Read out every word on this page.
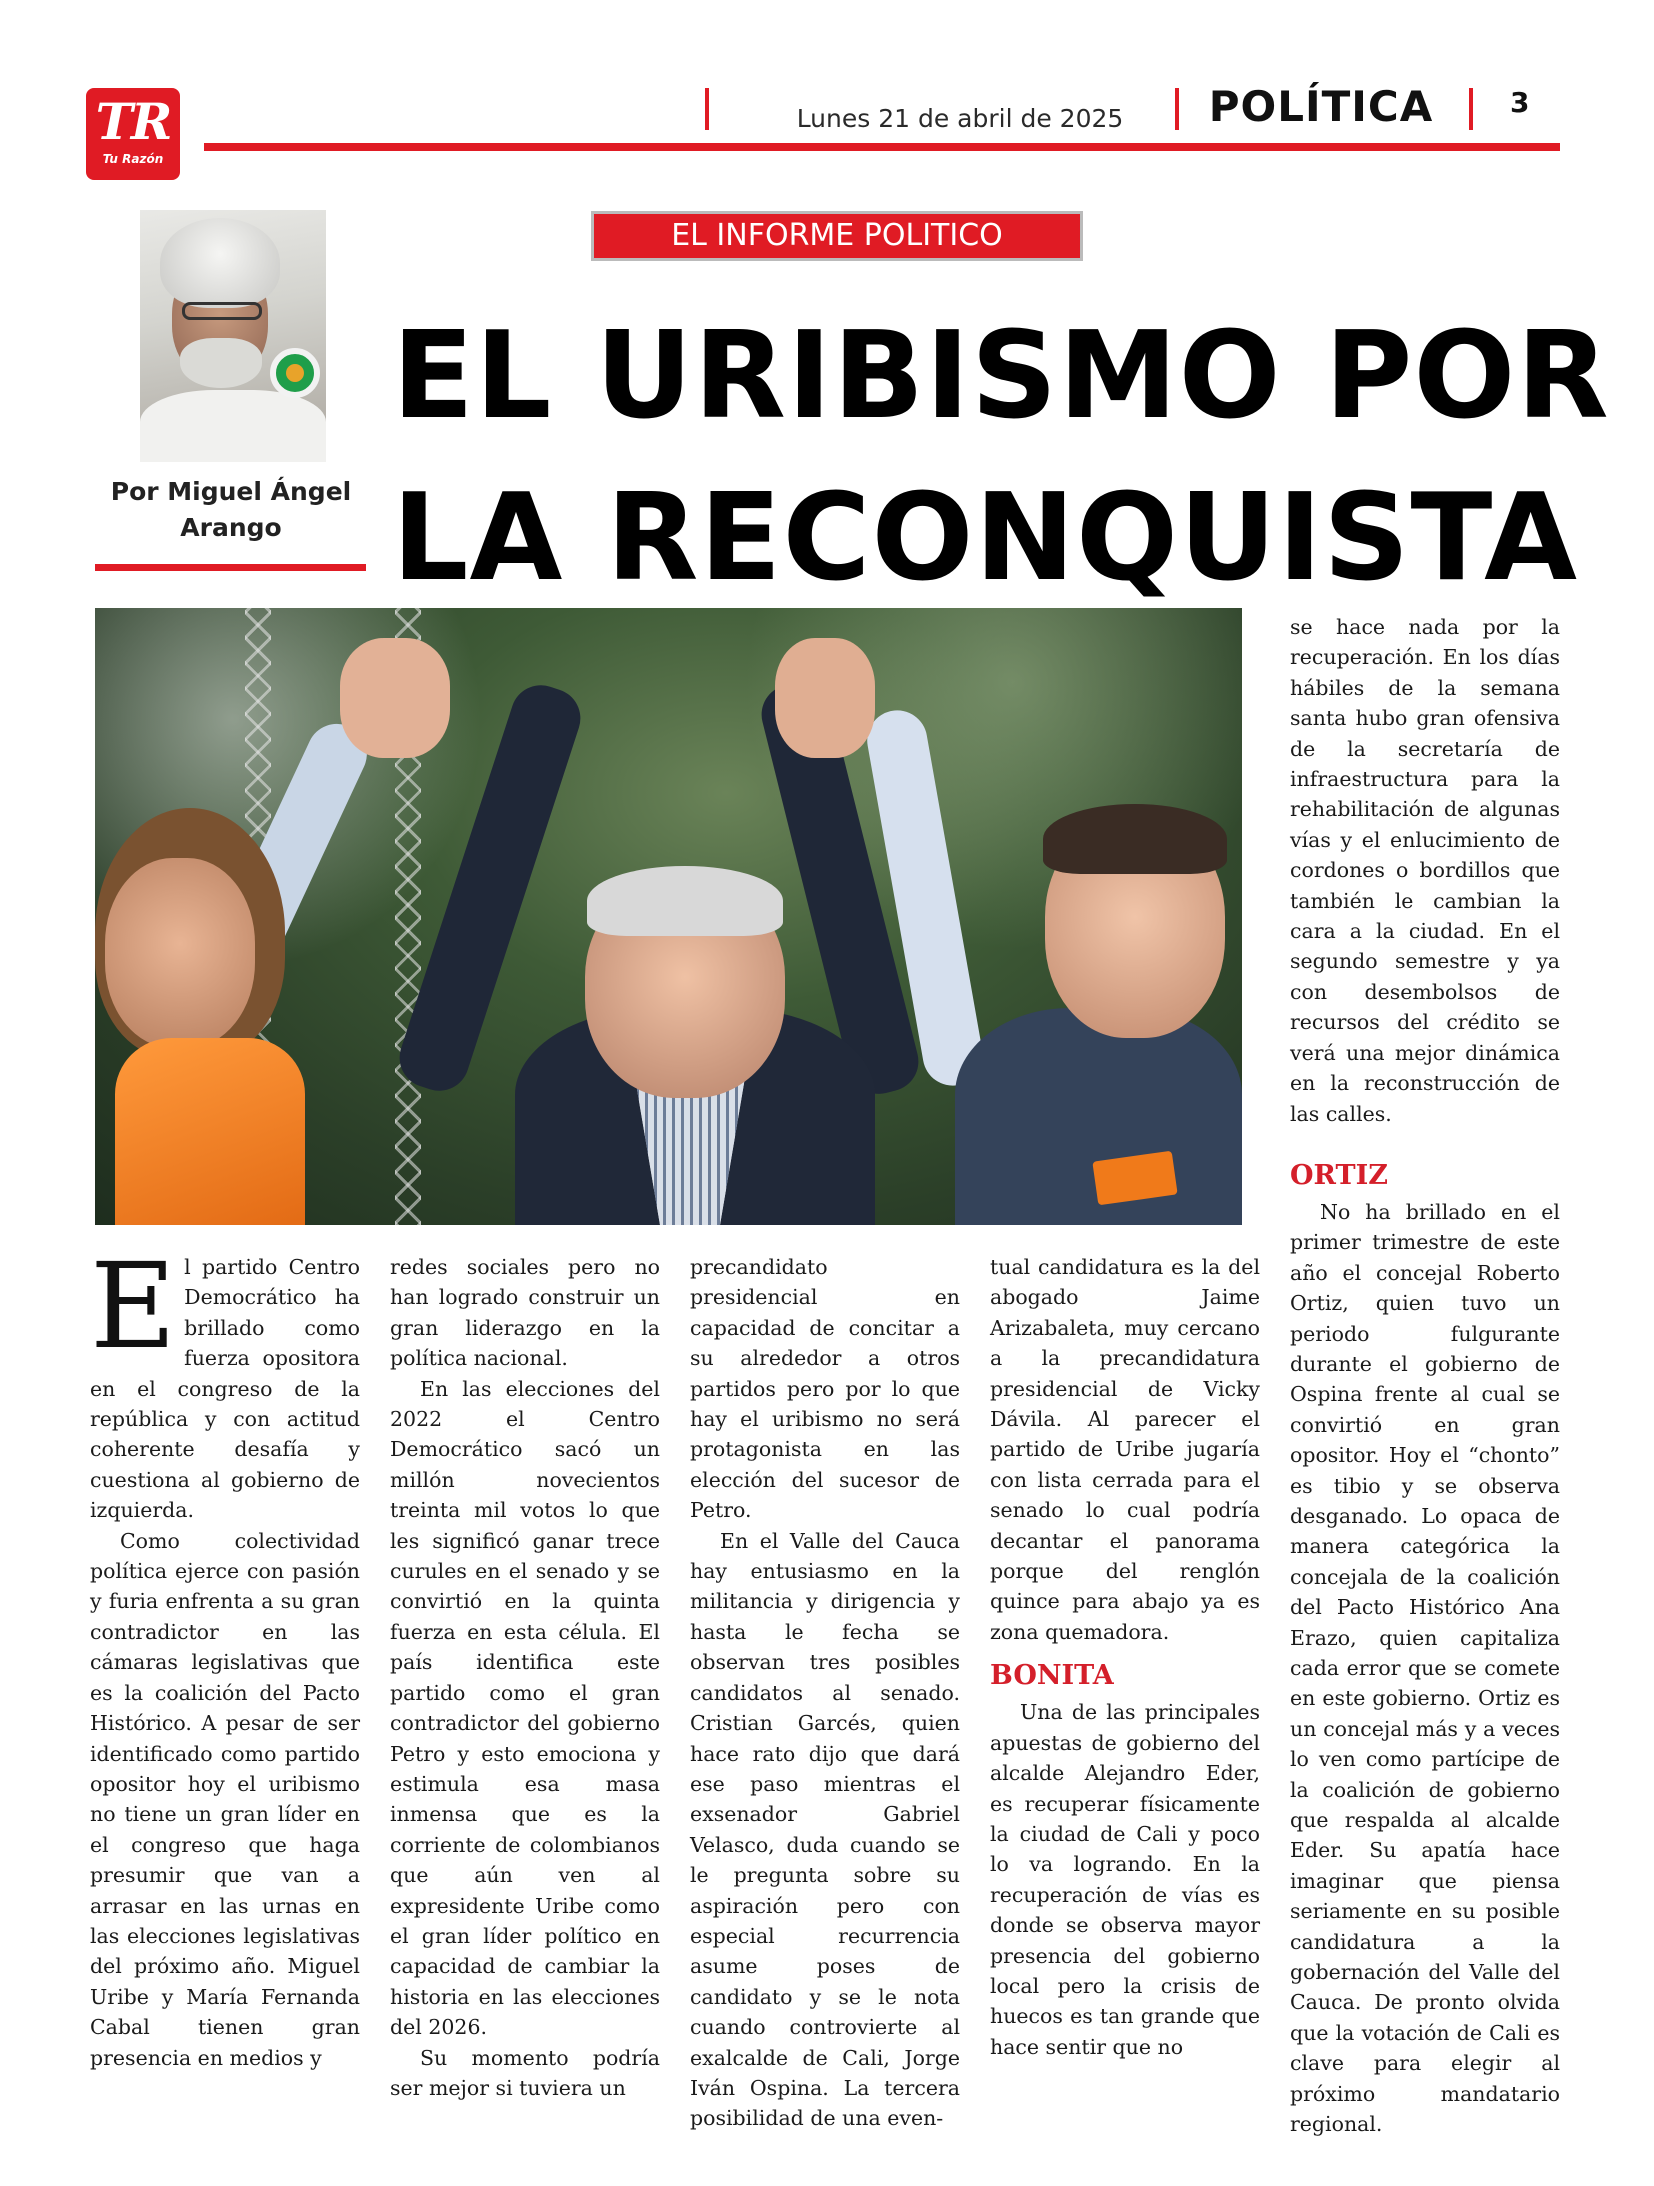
TR
Tu Razón
Lunes 21 de abril de 2025	POLÍTICA	3
Por Miguel Ángel
Arango
EL INFORME POLITICO
EL URIBISMO POR
LA RECONQUISTA
E l partido Centro Democrático ha brillado como fuerza opositora en el congreso de la república y con actitud coherente desafía y cuestiona al gobierno de izquierda.

Como colectividad política ejerce con pasión y furia enfrenta a su gran contradictor en las cámaras legislativas que es la coalición del Pacto Histórico. A pesar de ser identificado como partido opositor hoy el uribismo no tiene un gran líder en el congreso que haga presumir que van a arrasar en las urnas en las elecciones legislativas del próximo año. Miguel Uribe y María Fernanda Cabal tienen gran presencia en medios y

redes sociales pero no han logrado construir un gran liderazgo en la política nacional.

En las elecciones del 2022 el Centro Democrático sacó un millón novecientos treinta mil votos lo que les significó ganar trece curules en el senado y se convirtió en la quinta fuerza en esta célula. El país identifica este partido como el gran contradictor del gobierno Petro y esto emociona y estimula esa masa inmensa que es la corriente de colombianos que aún ven al expresidente Uribe como el gran líder político en capacidad de cambiar la historia en las elecciones del 2026.

Su momento podría ser mejor si tuviera un

precandidato presidencial en capacidad de concitar a su alrededor a otros partidos pero por lo que hay el uribismo no será protagonista en las elección del sucesor de Petro.

En el Valle del Cauca hay entusiasmo en la militancia y dirigencia y hasta le fecha se observan tres posibles candidatos al senado. Cristian Garcés, quien hace rato dijo que dará ese paso mientras el exsenador Gabriel Velasco, duda cuando se le pregunta sobre su aspiración pero con especial recurrencia asume poses de candidato y se le nota cuando controvierte al exalcalde de Cali, Jorge Iván Ospina. La tercera posibilidad de una even-

tual candidatura es la del abogado Jaime Arizabaleta, muy cercano a la precandidatura presidencial de Vicky Dávila. Al parecer el partido de Uribe jugaría con lista cerrada para el senado lo cual podría decantar el panorama porque del renglón quince para abajo ya es zona quemadora.

BONITA

Una de las principales apuestas de gobierno del alcalde Alejandro Eder, es recuperar físicamente la ciudad de Cali y poco lo va logrando. En la recuperación de vías es donde se observa mayor presencia del gobierno local pero la crisis de huecos es tan grande que hace sentir que no

se hace nada por la recuperación. En los días hábiles de la semana santa hubo gran ofensiva de la secretaría de infraestructura para la rehabilitación de algunas vías y el enlucimiento de cordones o bordillos que también le cambian la cara a la ciudad. En el segundo semestre y ya con desembolsos de recursos del crédito se verá una mejor dinámica en la reconstrucción de las calles.

ORTIZ

No ha brillado en el primer trimestre de este año el concejal Roberto Ortiz, quien tuvo un periodo fulgurante durante el gobierno de Ospina frente al cual se convirtió en gran opositor. Hoy el “chonto” es tibio y se observa desganado. Lo opaca de manera categórica la concejala de la coalición del Pacto Histórico Ana Erazo, quien capitaliza cada error que se comete en este gobierno. Ortiz es un concejal más y a veces lo ven como partícipe de la coalición de gobierno que respalda al alcalde Eder. Su apatía hace imaginar que piensa seriamente en su posible candidatura a la gobernación del Valle del Cauca. De pronto olvida que la votación de Cali es clave para elegir al próximo mandatario regional.
